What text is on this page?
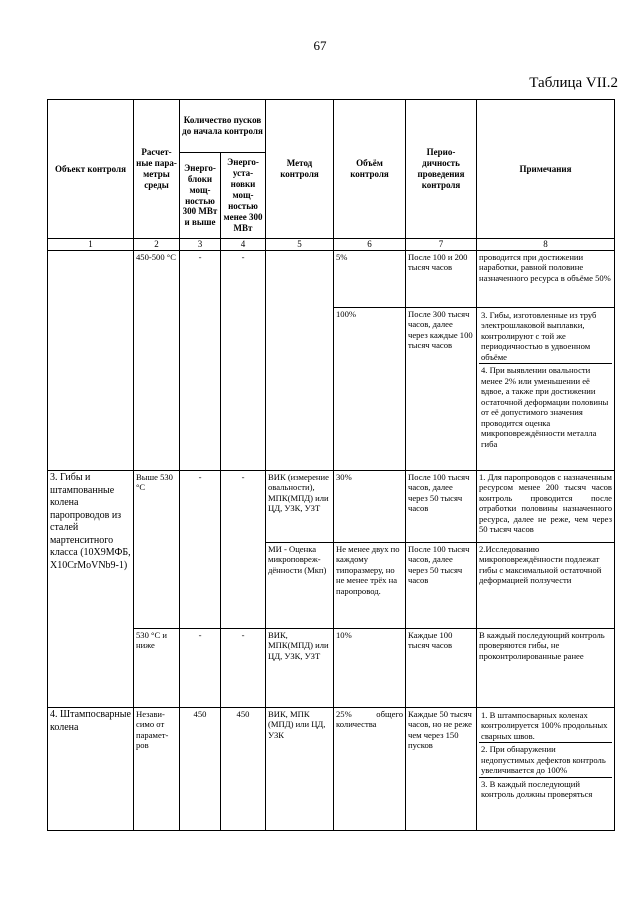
67
Таблица VII.2
Объект контроля	Расчет-ные пара-метры среды	Количество пусков до начала контроля		Метод контроля	Объём контроля	Перио-дичность проведения контроля	Примечания
		Энерго-блоки мощ-ностью 300 МВт и выше	Энерго-уста-новки мощ-ностью менее 300 МВт				
1	2	3	4	5	6	7	8
	450-500 °C	-	-		5%	После 100 и 200 тысяч часов	проводится при достижении наработки, равной половине назначенного ресурса в объёме 50%
					100%	После 300 тысяч часов, далее через каждые 100 тысяч часов	3. Гибы, изготовленные из труб электрошлаковой выплавки, контролируют с той же периодичностью в удвоенном объёме
4. При выявлении овальности менее 2% или уменьшении её вдвое, а также при достижении остаточной деформации половины от её допустимого значения проводится оценка микроповреждённости металла гиба

3. Гибы и штампованные колена паропроводов из сталей мартенситного класса (10Х9МФБ, X10CrMoVNb9-1)	Выше 530 °C	-	-	ВИК (измерение овальности), МПК(МПД) или ЦД, УЗК, УЗТ	30%	После 100 тысяч часов, далее через 50 тысяч часов	1. Для паропроводов с назначенным ресурсом менее 200 тысяч часов контроль проводится после отработки половины назначенного ресурса, далее не реже, чем через 50 тысяч часов
				МИ - Оценка микроповреж-дённости (Мкп)	Не менее двух по каждому типоразмеру, но не менее трёх на паропровод.	После 100 тысяч часов, далее через 50 тысяч часов	2.Исследованию микроповреждённости подлежат гибы с максимальной остаточной деформацией ползучести
	530 °C и ниже	-	-	ВИК, МПК(МПД) или ЦД, УЗК, УЗТ	10%	Каждые 100 тысяч часов	В каждый последующий контроль проверяются гибы, не проконтролированные ранее
4. Штампосварные колена	Незави-симо от парамет-ров	450	450	ВИК, МПК (МПД) или ЦД, УЗК	25% общего количества	Каждые 50 тысяч часов, но не реже чем через 150 пусков	1. В штампосварных коленах контролируется 100% продольных сварных швов.
2. При обнаружении недопустимых дефектов контроль увеличивается до 100%
3. В каждый последующий контроль должны проверяться
